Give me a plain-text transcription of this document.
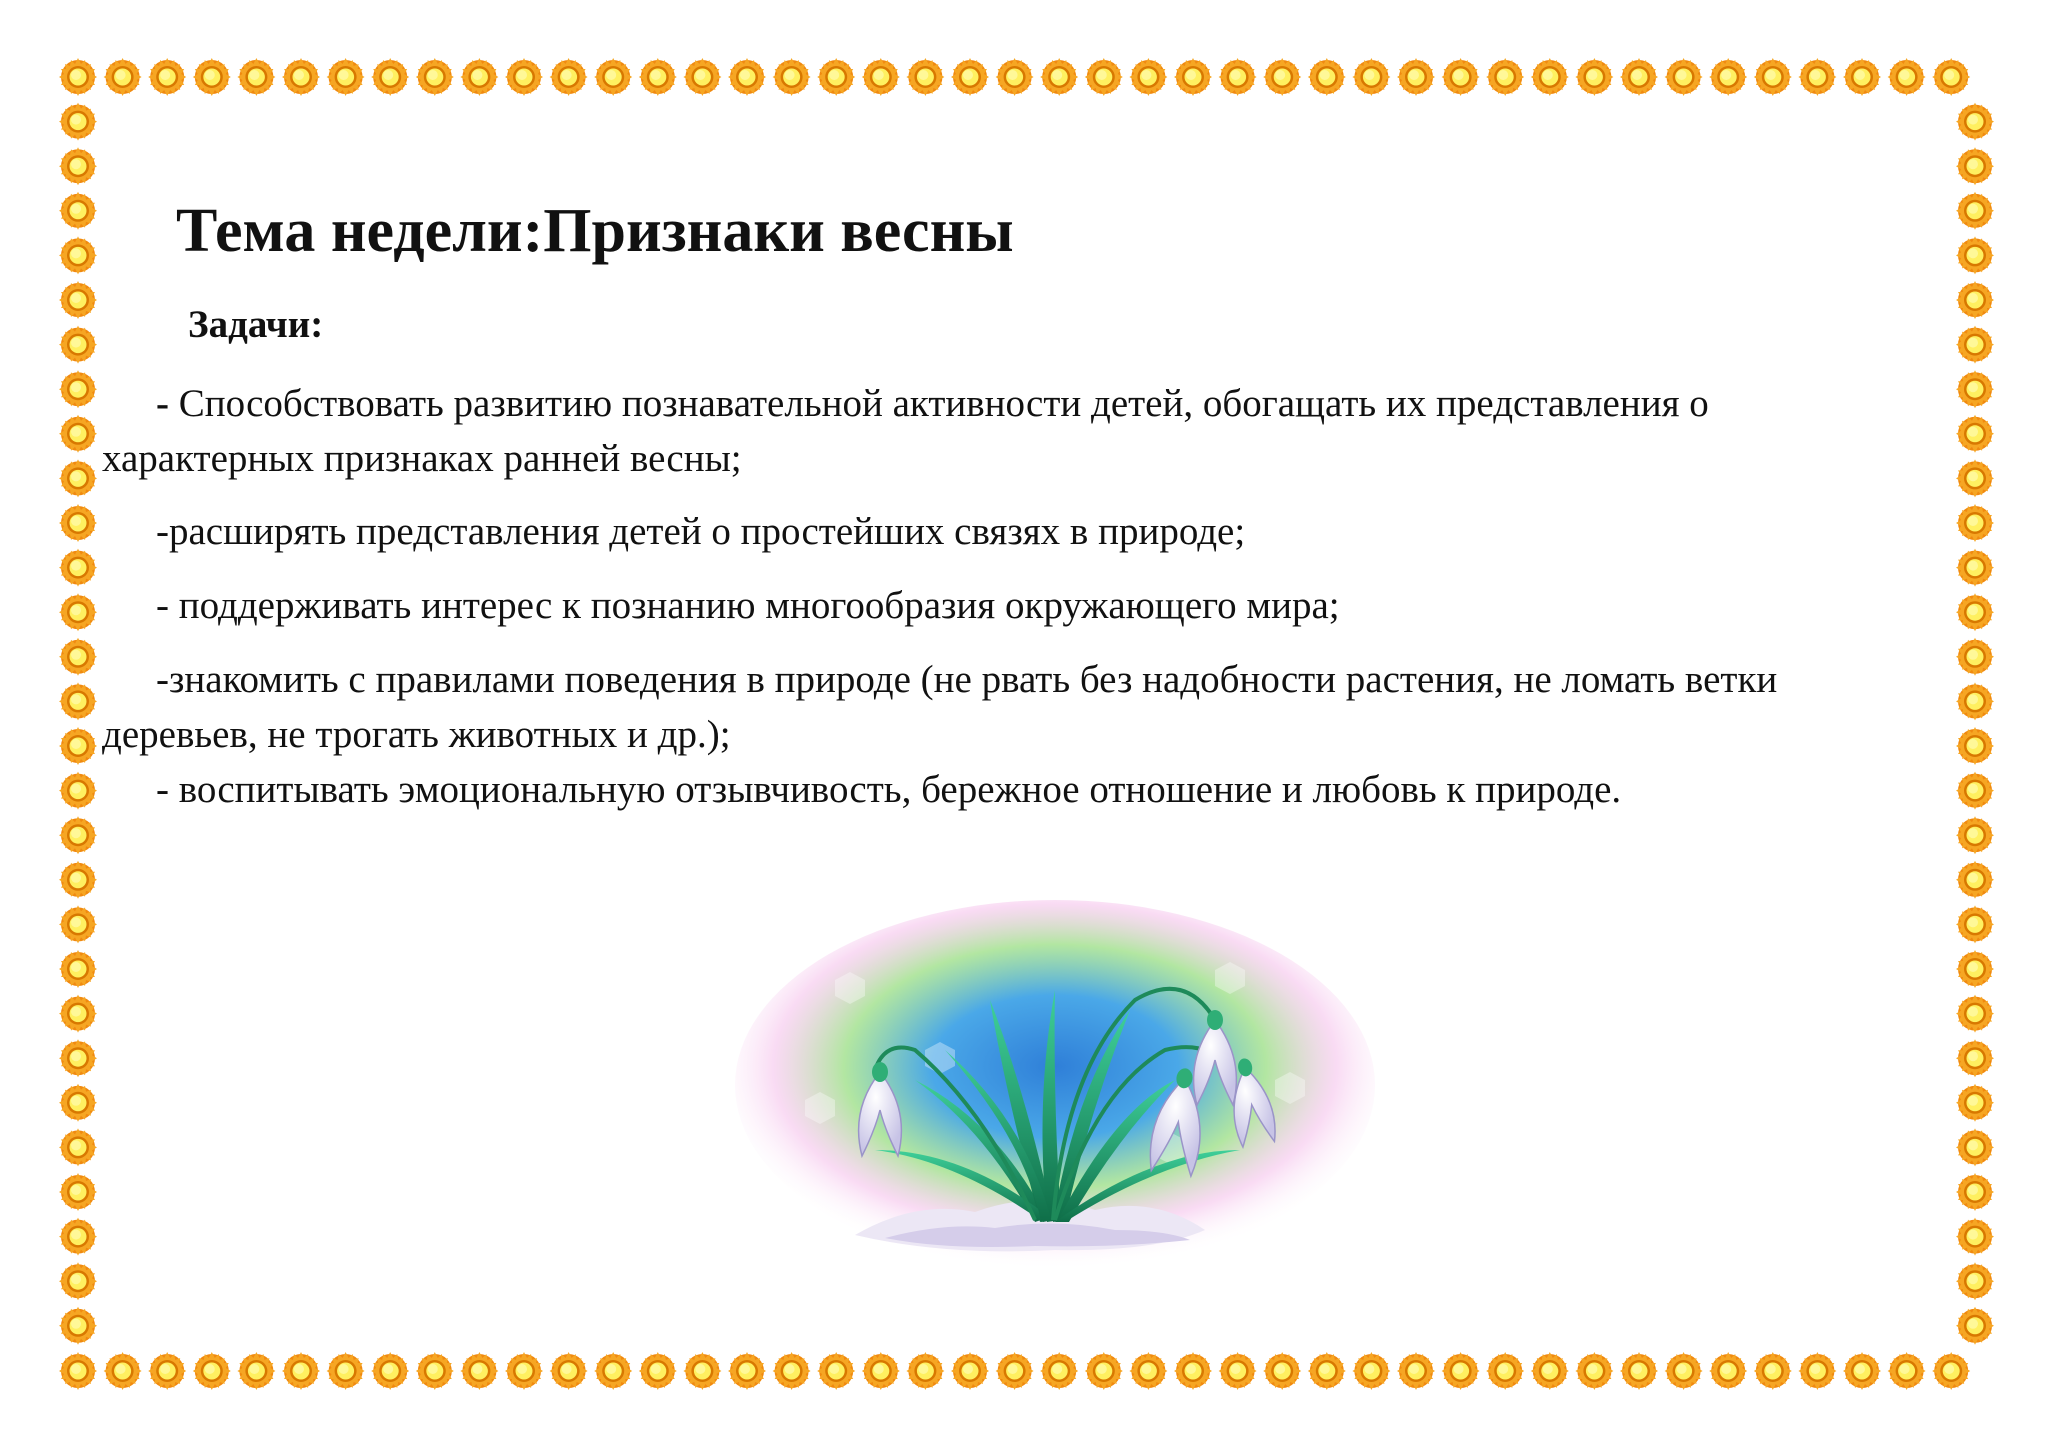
Тема недели:Признаки весны

Задачи:

- Способствовать развитию познавательной активности детей, обогащать их представления о

характерных признаках ранней весны;

-расширять представления детей о простейших связях в природе;

- поддерживать интерес к познанию многообразия окружающего мира;

-знакомить с правилами поведения в природе (не рвать без надобности растения, не ломать ветки

деревьев, не трогать животных и др.);

- воспитывать эмоциональную отзывчивость, бережное отношение и любовь к природе.
